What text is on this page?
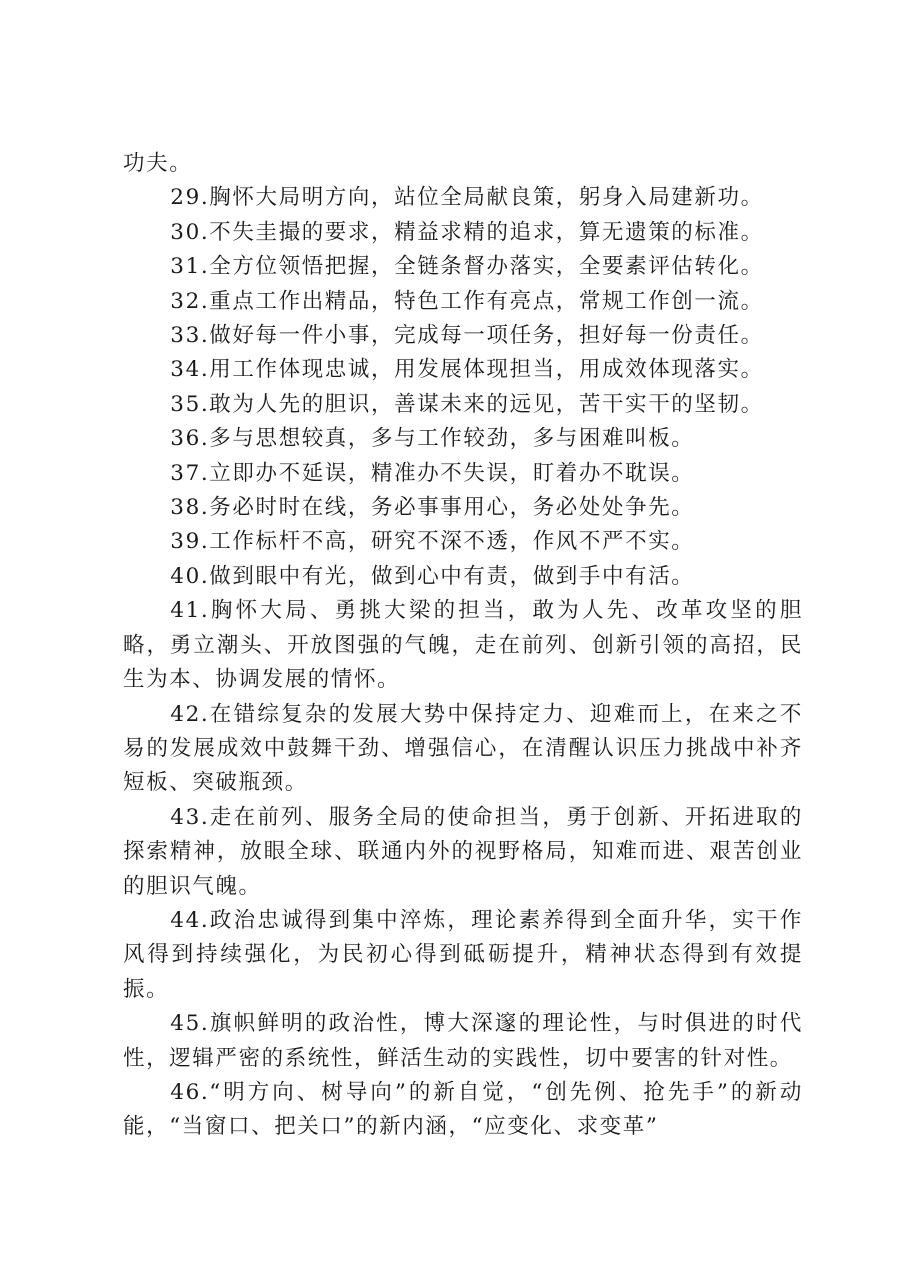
功夫。

29.胸怀大局明方向，站位全局献良策，躬身入局建新功。

30.不失圭撮的要求，精益求精的追求，算无遗策的标准。

31.全方位领悟把握，全链条督办落实，全要素评估转化。

32.重点工作出精品，特色工作有亮点，常规工作创一流。

33.做好每一件小事，完成每一项任务，担好每一份责任。

34.用工作体现忠诚，用发展体现担当，用成效体现落实。

35.敢为人先的胆识，善谋未来的远见，苦干实干的坚韧。

36.多与思想较真，多与工作较劲，多与困难叫板。

37.立即办不延误，精准办不失误，盯着办不耽误。

38.务必时时在线，务必事事用心，务必处处争先。

39.工作标杆不高，研究不深不透，作风不严不实。

40.做到眼中有光，做到心中有责，做到手中有活。

41.胸怀大局、勇挑大梁的担当，敢为人先、改革攻坚的胆略，勇立潮头、开放图强的气魄，走在前列、创新引领的高招，民生为本、协调发展的情怀。

42.在错综复杂的发展大势中保持定力、迎难而上，在来之不易的发展成效中鼓舞干劲、增强信心，在清醒认识压力挑战中补齐短板、突破瓶颈。

43.走在前列、服务全局的使命担当，勇于创新、开拓进取的探索精神，放眼全球、联通内外的视野格局，知难而进、艰苦创业的胆识气魄。

44.政治忠诚得到集中淬炼，理论素养得到全面升华，实干作风得到持续强化，为民初心得到砥砺提升，精神状态得到有效提振。

45.旗帜鲜明的政治性，博大深邃的理论性，与时俱进的时代性，逻辑严密的系统性，鲜活生动的实践性，切中要害的针对性。

46.“明方向、树导向”的新自觉，“创先例、抢先手”的新动能，“当窗口、把关口”的新内涵，“应变化、求变革”
